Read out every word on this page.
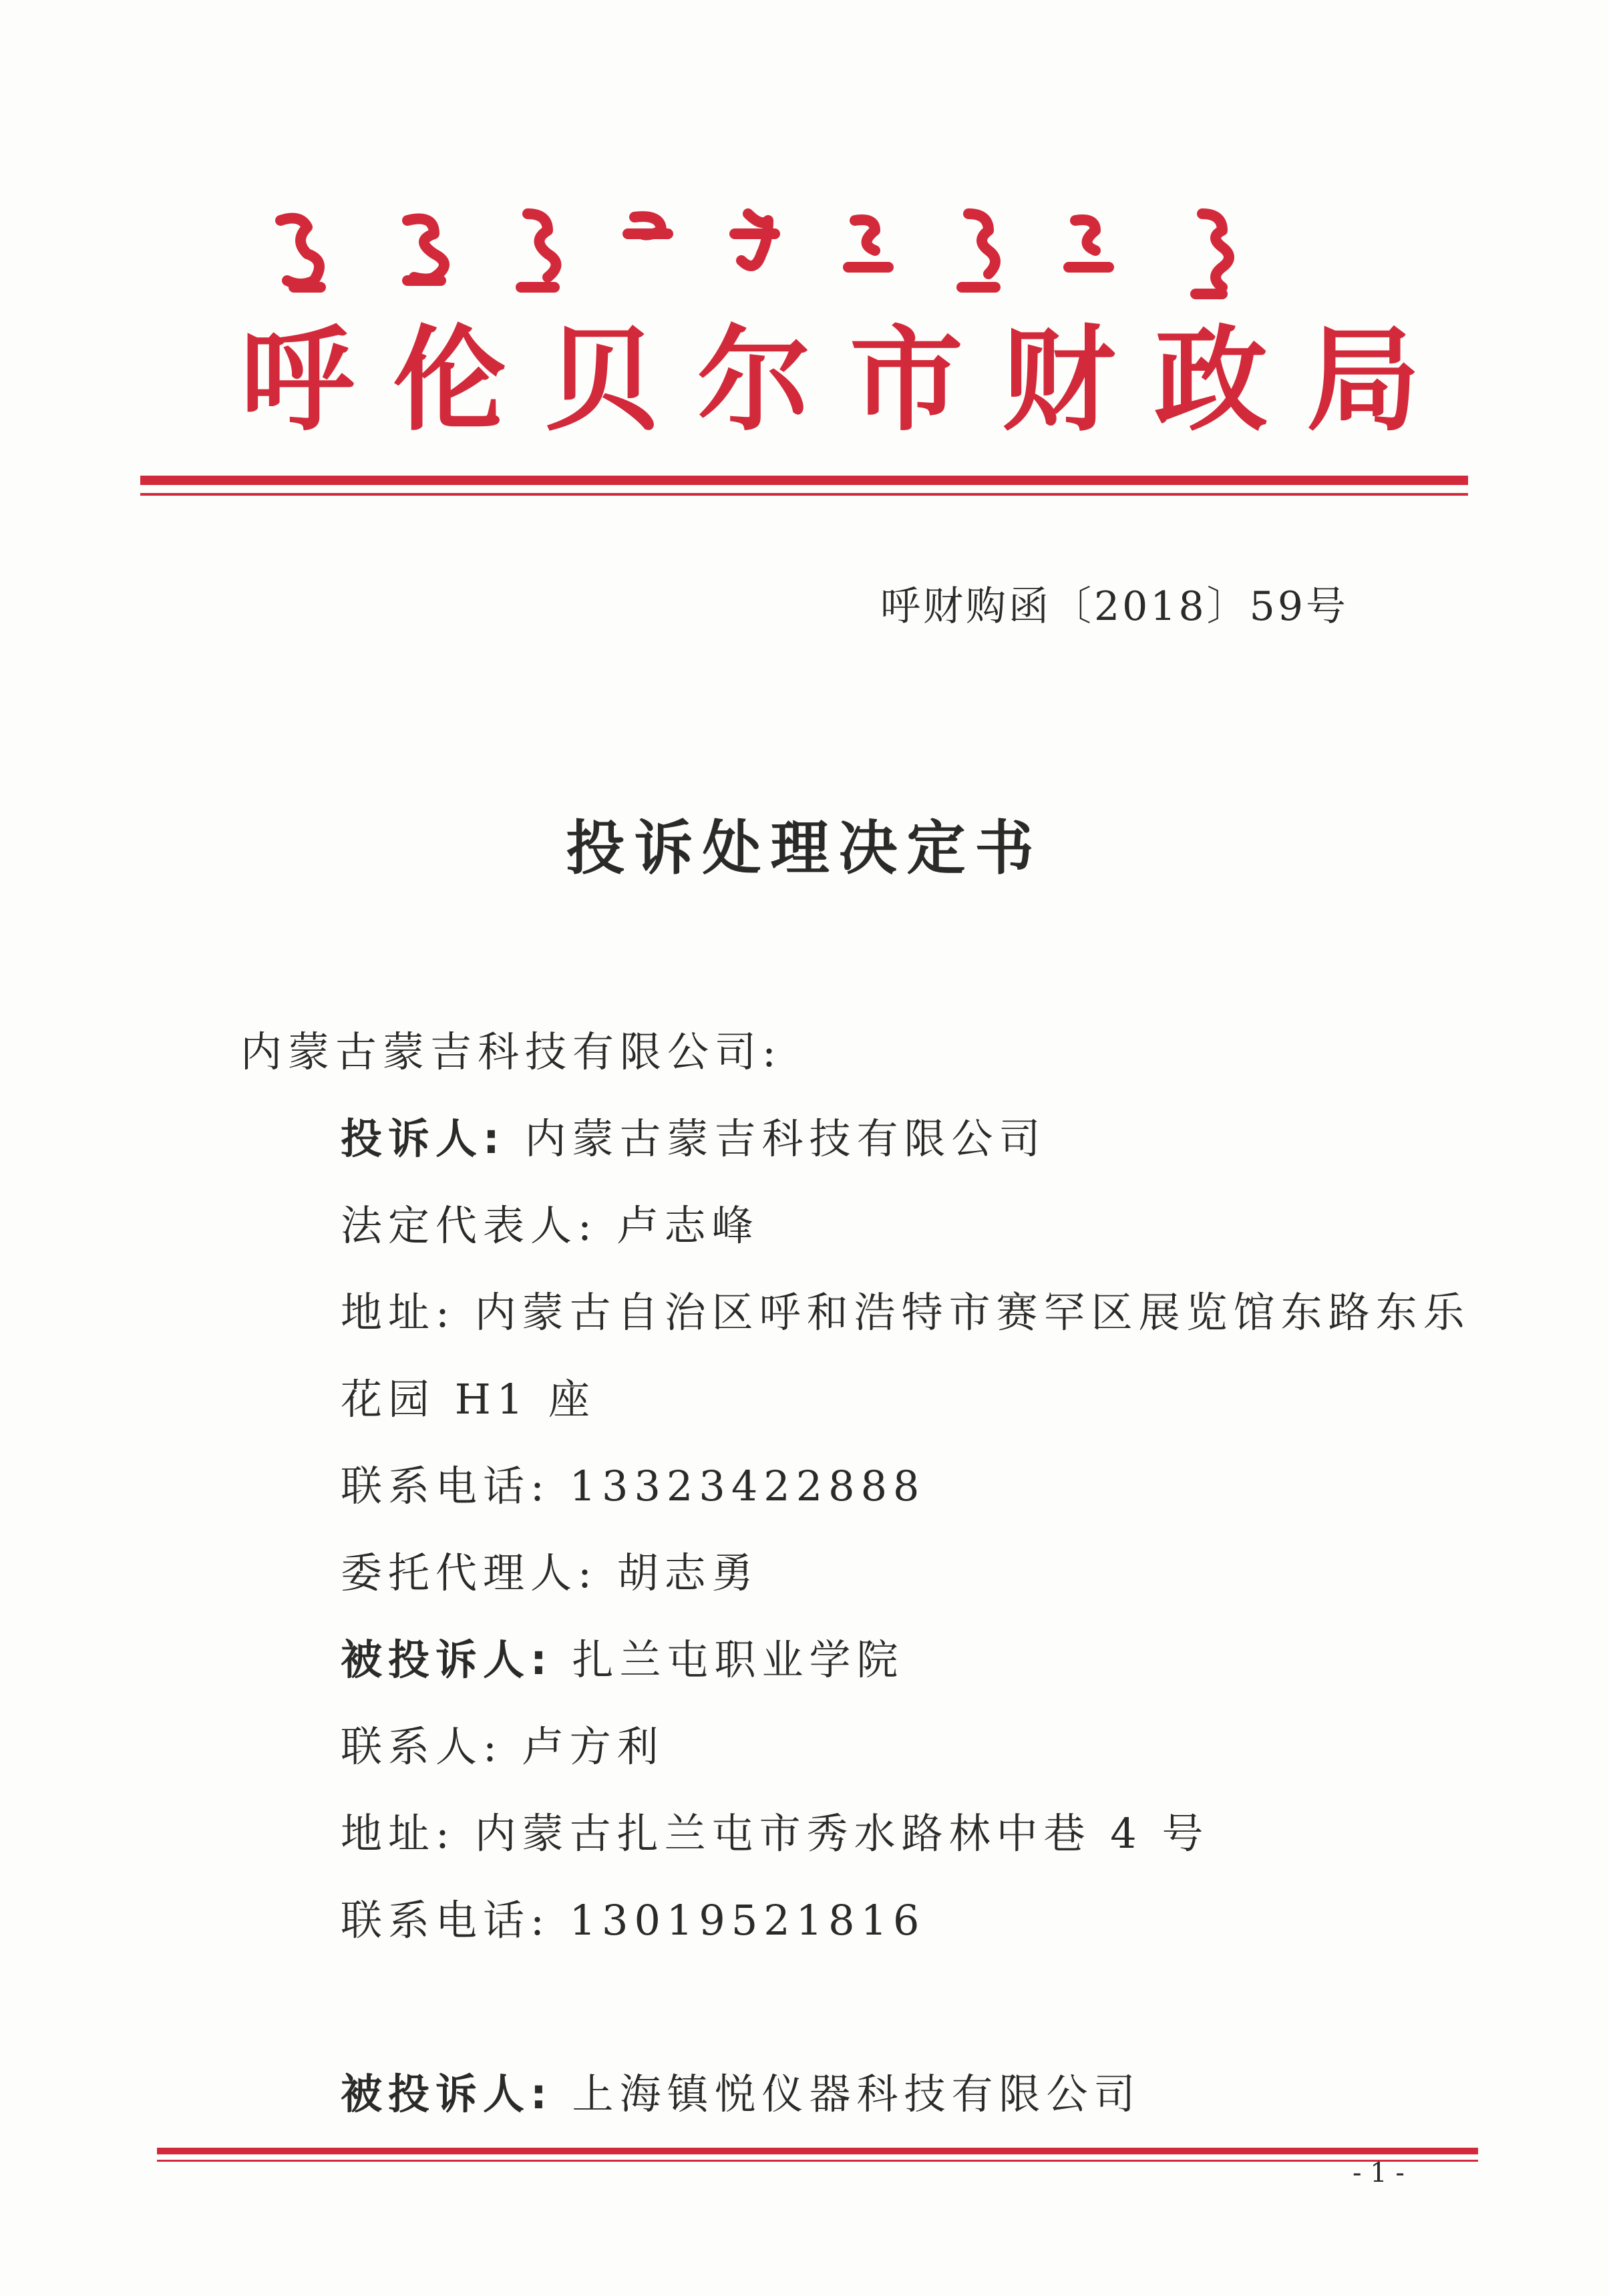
呼伦贝尔市财政局
呼财购函〔2018〕59号
投诉处理决定书
内蒙古蒙吉科技有限公司:
投诉人: 内蒙古蒙吉科技有限公司
法定代表人: 卢志峰
地址: 内蒙古自治区呼和浩特市赛罕区展览馆东路东乐
花园 H1 座
联系电话: 13323422888
委托代理人: 胡志勇
被投诉人: 扎兰屯职业学院
联系人: 卢方利
地址: 内蒙古扎兰屯市秀水路林中巷 4 号
联系电话: 13019521816
被投诉人: 上海镇悦仪器科技有限公司
- 1 -
